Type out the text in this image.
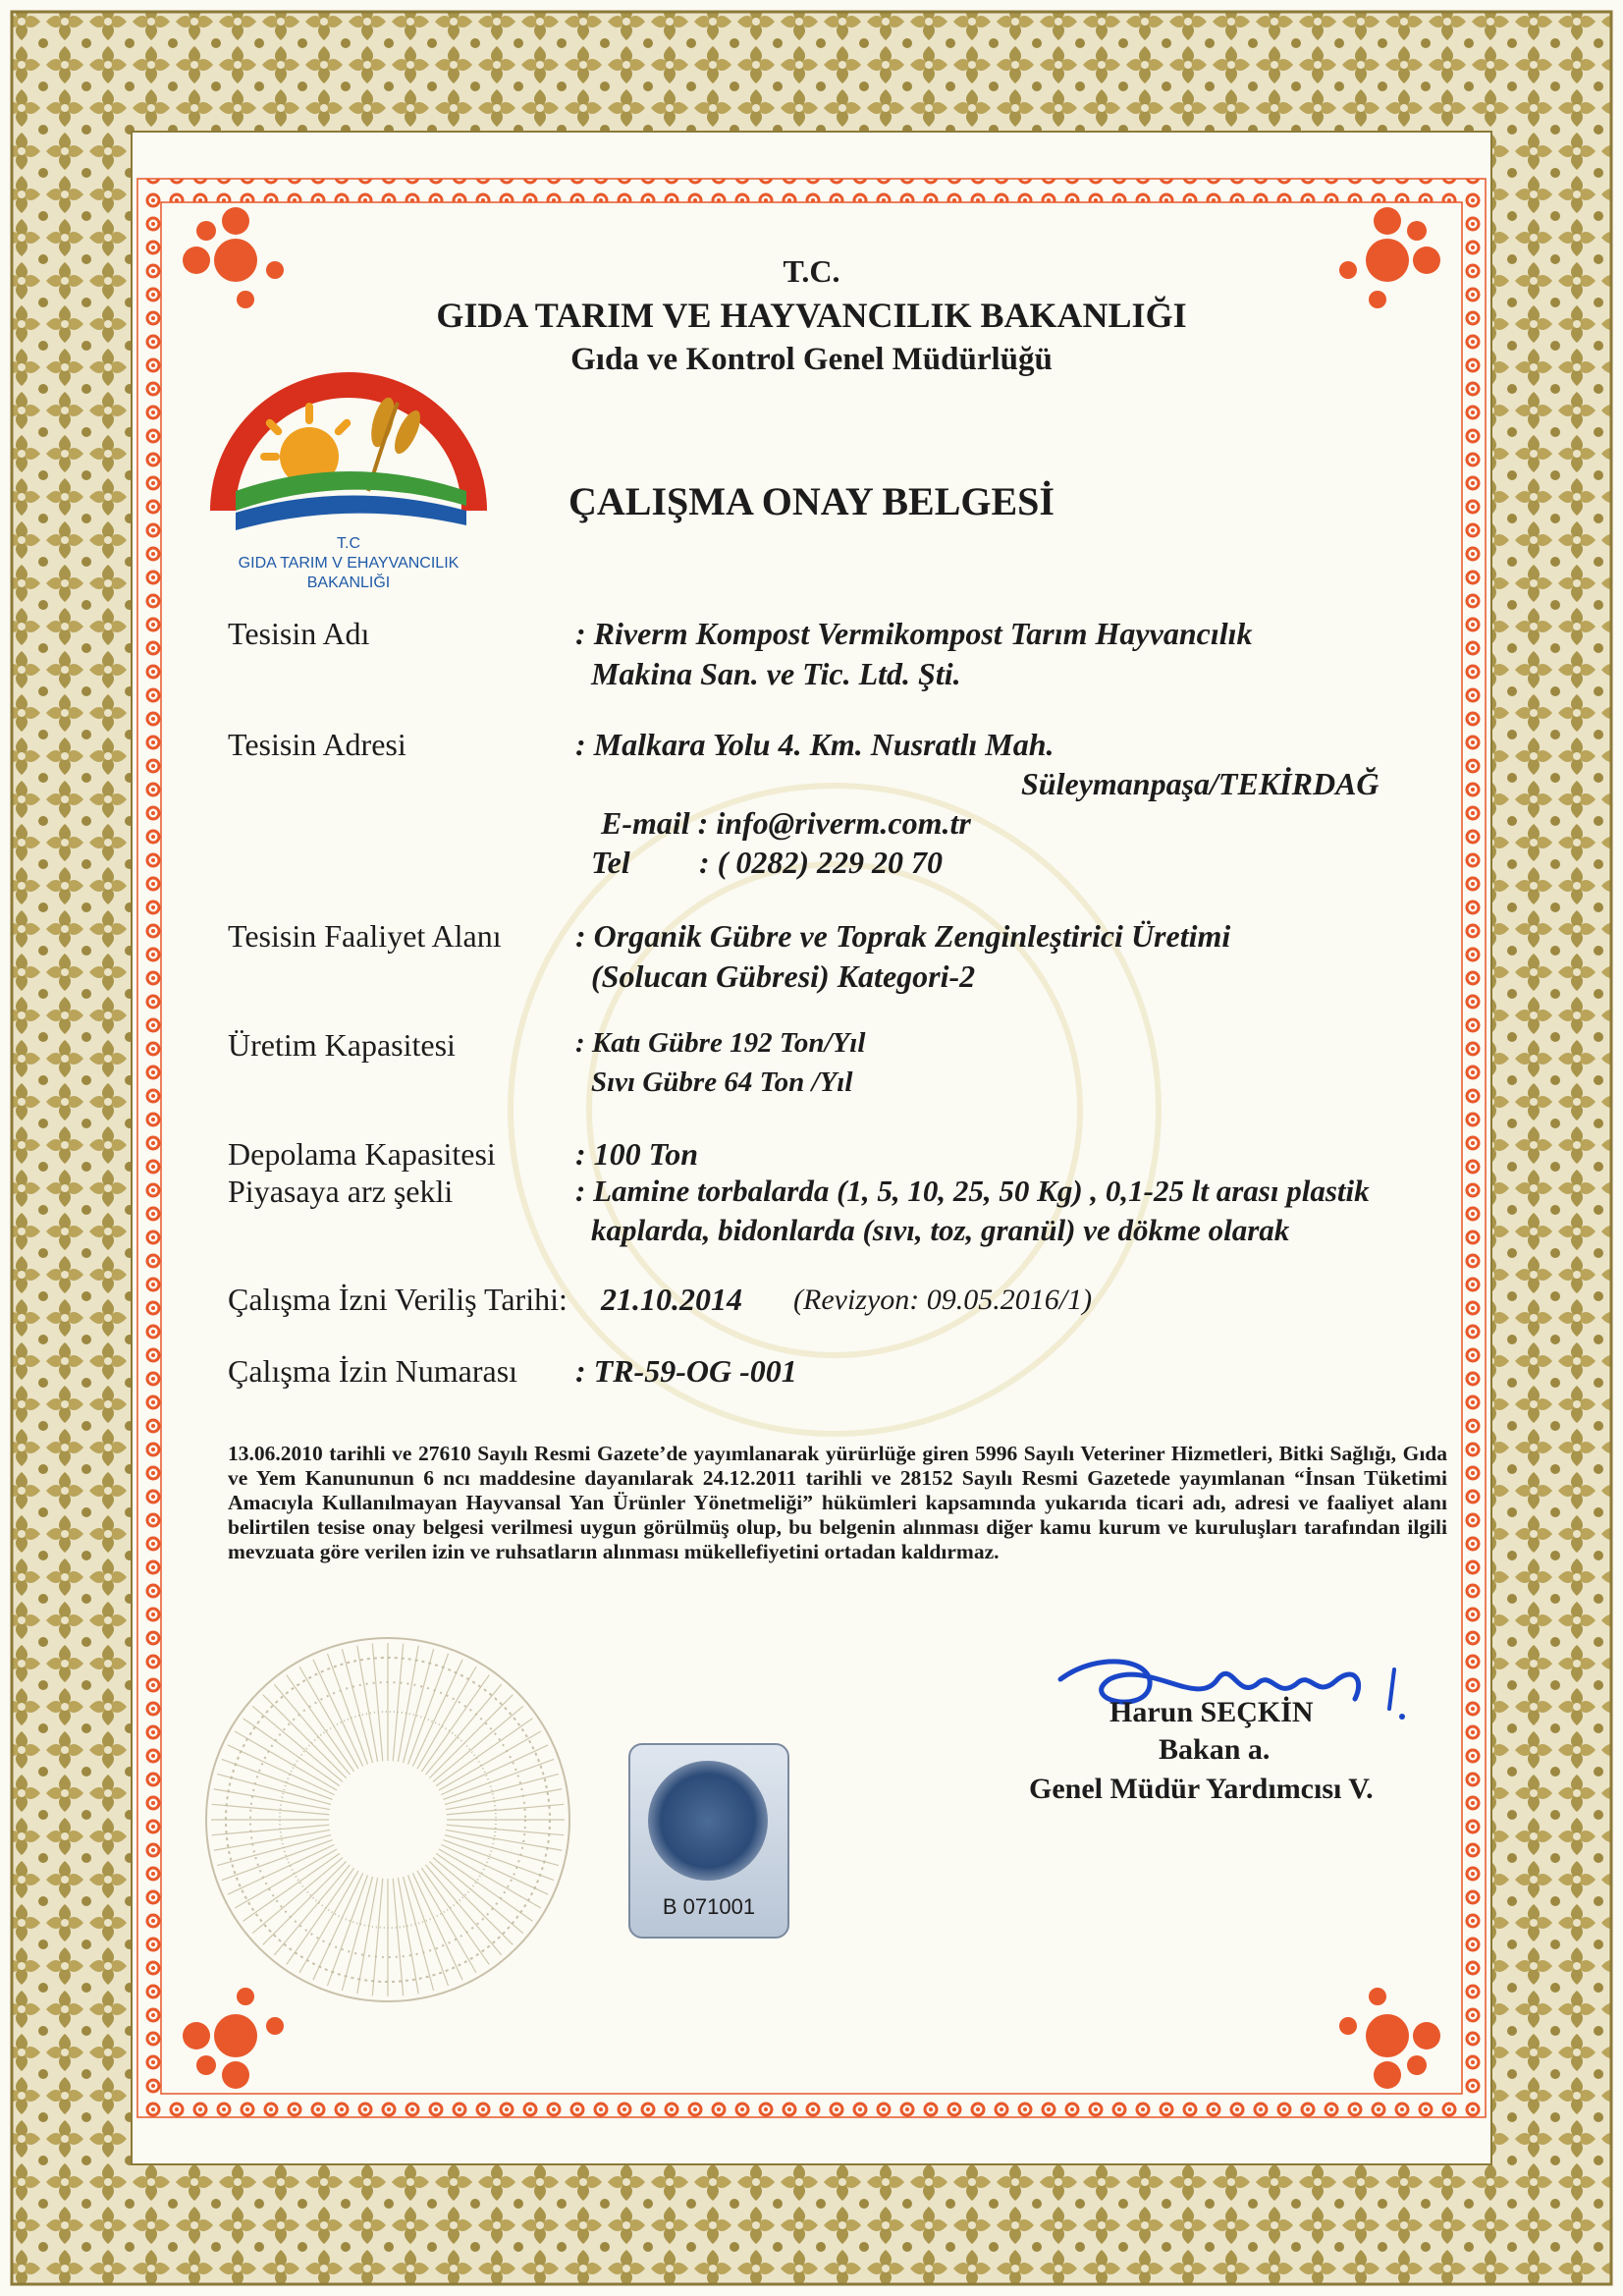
T.C
GIDA TARIM V EHAYVANCILIK
BAKANLIĞI
T.C.
GIDA TARIM VE HAYVANCILIK BAKANLIĞI
Gıda ve Kontrol Genel Müdürlüğü
ÇALIŞMA ONAY BELGESİ
Tesisin Adı	: Riverm Kompost Vermikompost Tarım Hayvancılık
Makina San. ve Tic. Ltd. Şti.
Tesisin Adresi	: Malkara Yolu 4. Km. Nusratlı Mah.
Süleymanpaşa/TEKİRDAĞ
E-mail : info@riverm.com.tr
Tel : ( 0282) 229 20 70
Tesisin Faaliyet Alanı : Organik Gübre ve Toprak Zenginleştirici Üretimi
(Solucan Gübresi) Kategori-2
Üretim Kapasitesi	: Katı Gübre 192 Ton/Yıl
Sıvı Gübre 64 Ton /Yıl
Depolama Kapasitesi	: 100 Ton
Piyasaya arz şekli	: Lamine torbalarda (1, 5, 10, 25, 50 Kg) , 0,1-25 lt arası plastik
kaplarda, bidonlarda (sıvı, toz, granül) ve dökme olarak
Çalışma İzni Veriliş Tarihi: 21.10.2014 (Revizyon: 09.05.2016/1)
Çalışma İzin Numarası : TR-59-OG -001
13.06.2010 tarihli ve 27610 Sayılı Resmi Gazete’de yayımlanarak yürürlüğe giren 5996 Sayılı Veteriner Hizmetleri, Bitki Sağlığı, Gıda ve Yem Kanununun 6 ncı maddesine dayanılarak 24.12.2011 tarihli ve 28152 Sayılı Resmi Gazetede yayımlanan “İnsan Tüketimi Amacıyla Kullanılmayan Hayvansal Yan Ürünler Yönetmeliği” hükümleri kapsamında yukarıda ticari adı, adresi ve faaliyet alanı belirtilen tesise onay belgesi verilmesi uygun görülmüş olup, bu belgenin alınması diğer kamu kurum ve kuruluşları tarafından ilgili mevzuata göre verilen izin ve ruhsatların alınması mükellefiyetini ortadan kaldırmaz.
B 071001
Harun SEÇKİN
Bakan a.
Genel Müdür Yardımcısı V.
